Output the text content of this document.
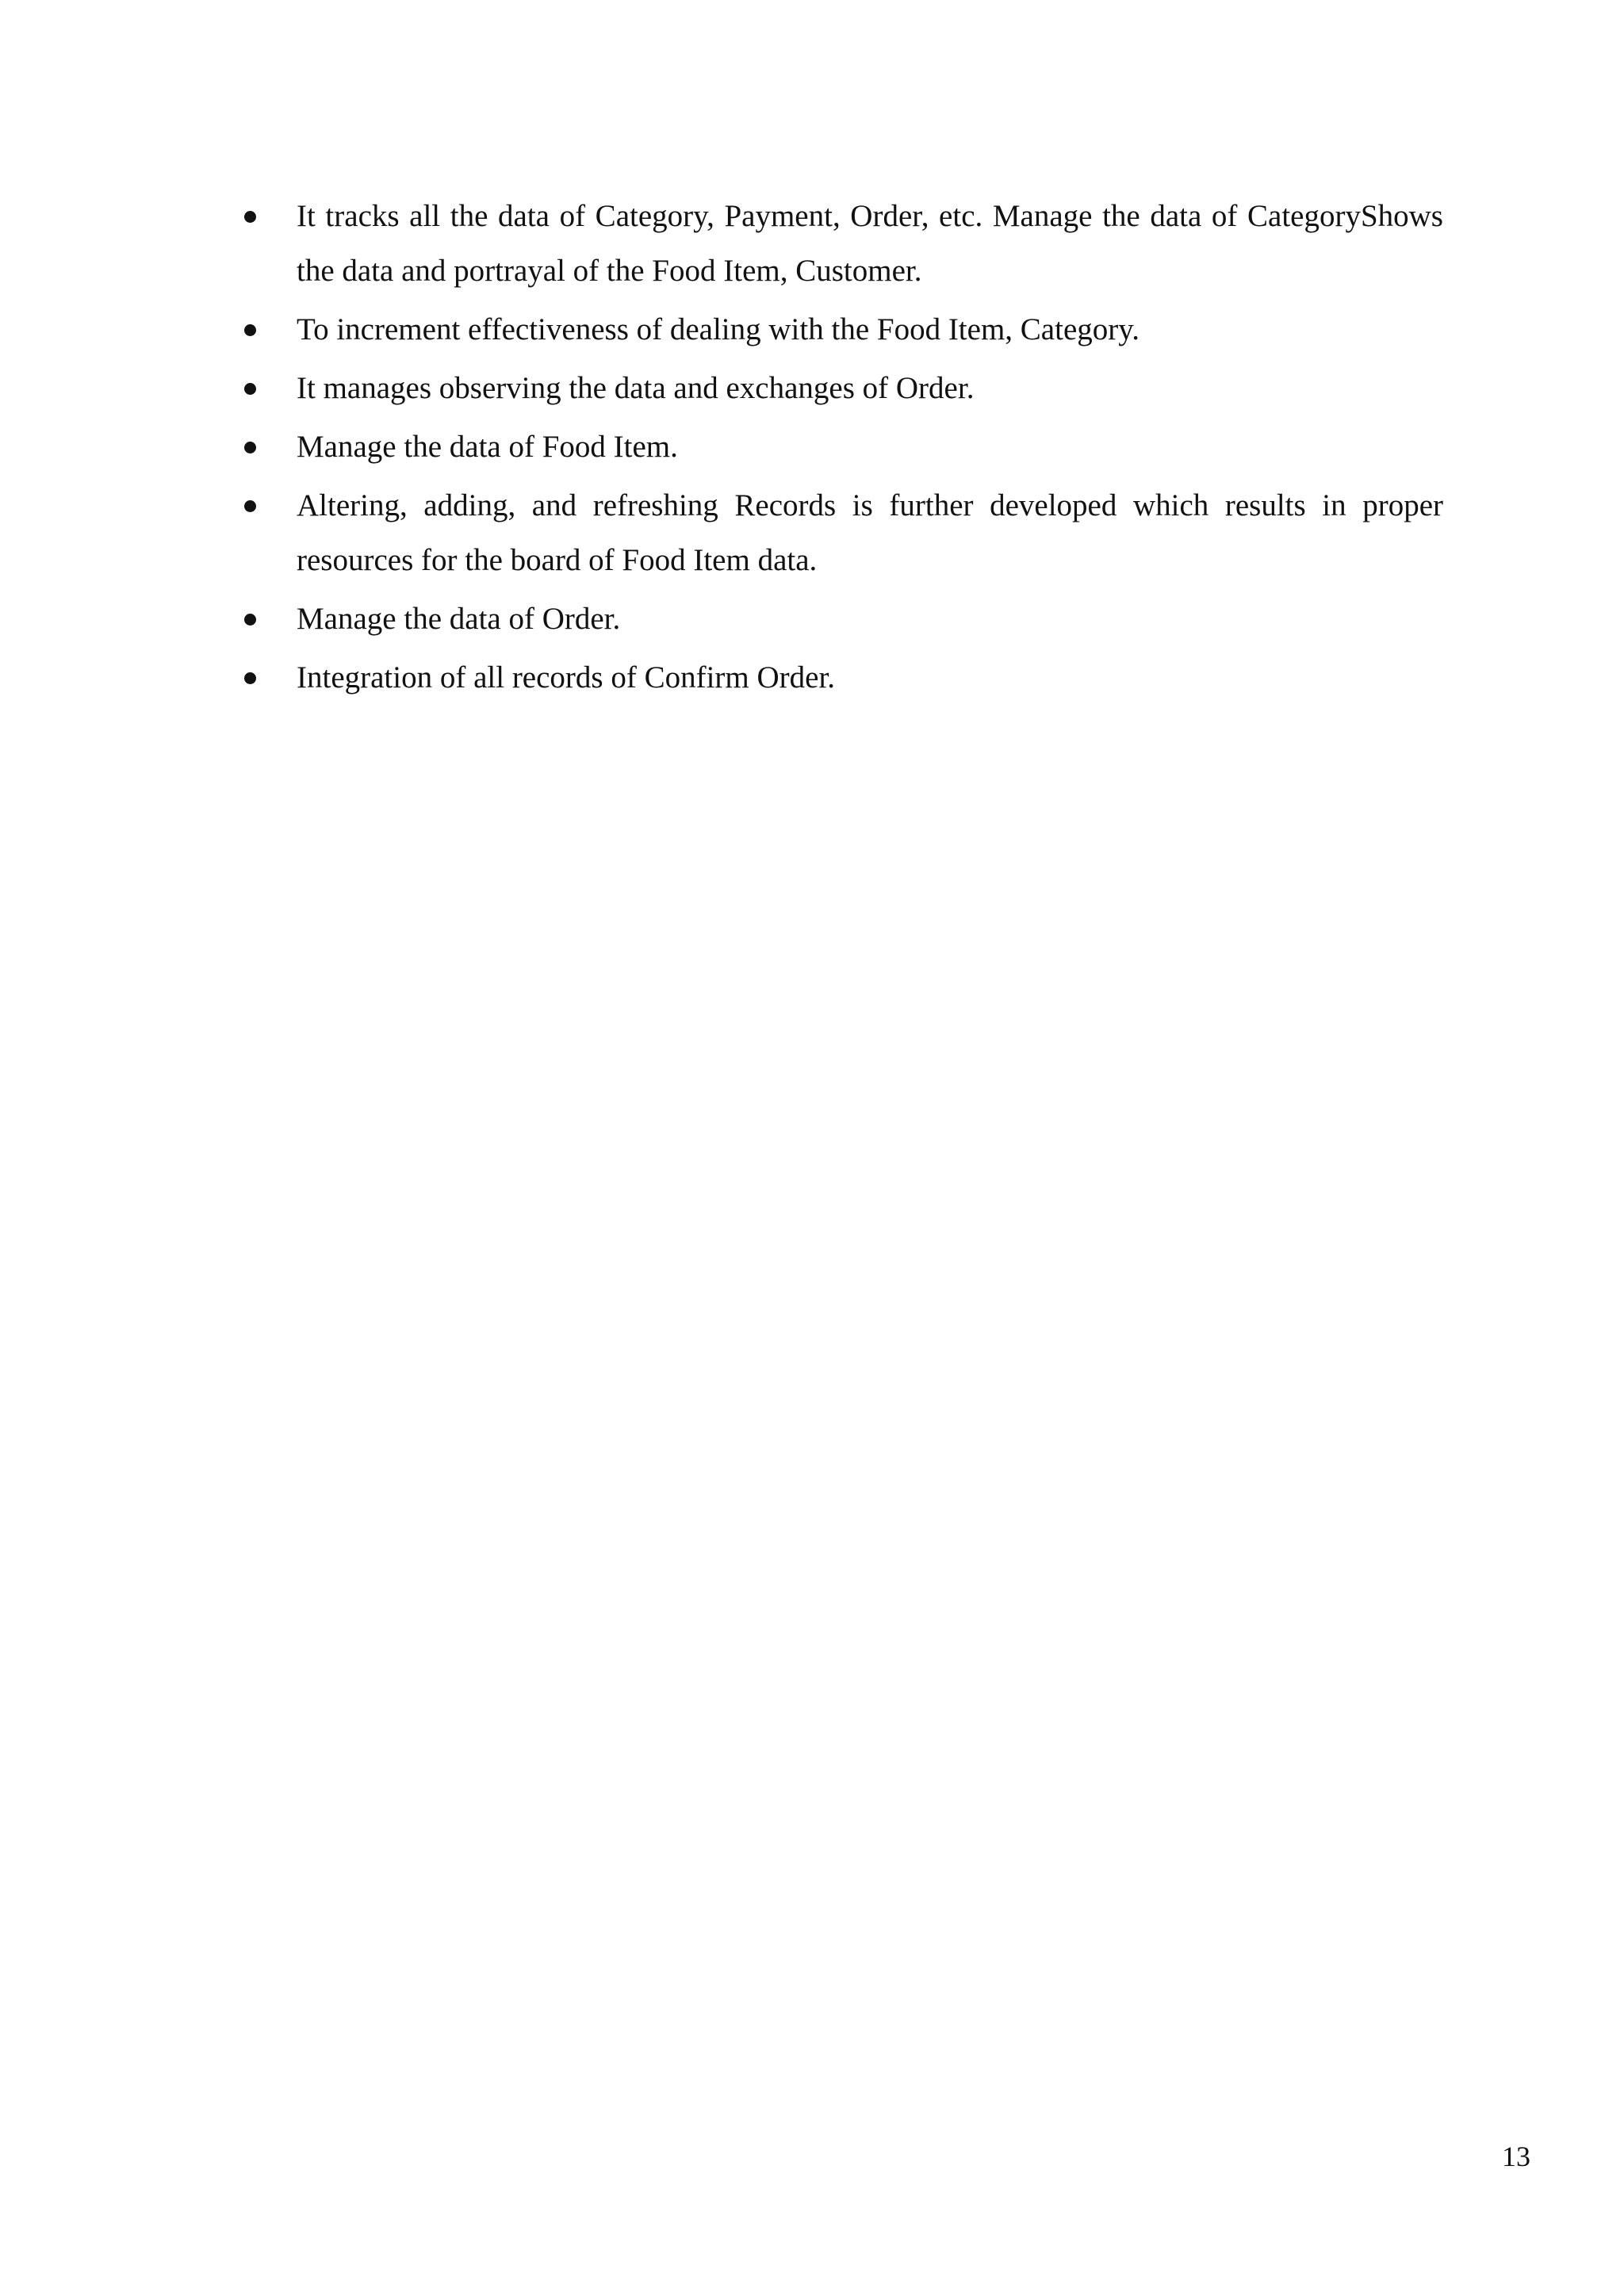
It tracks all the data of Category, Payment, Order, etc. Manage the data of CategoryShows the data and portrayal of the Food Item, Customer.
To increment effectiveness of dealing with the Food Item, Category.
It manages observing the data and exchanges of Order.
Manage the data of Food Item.
Altering, adding, and refreshing Records is further developed which results in proper resources for the board of Food Item data.
Manage the data of Order.
Integration of all records of Confirm Order.
13
